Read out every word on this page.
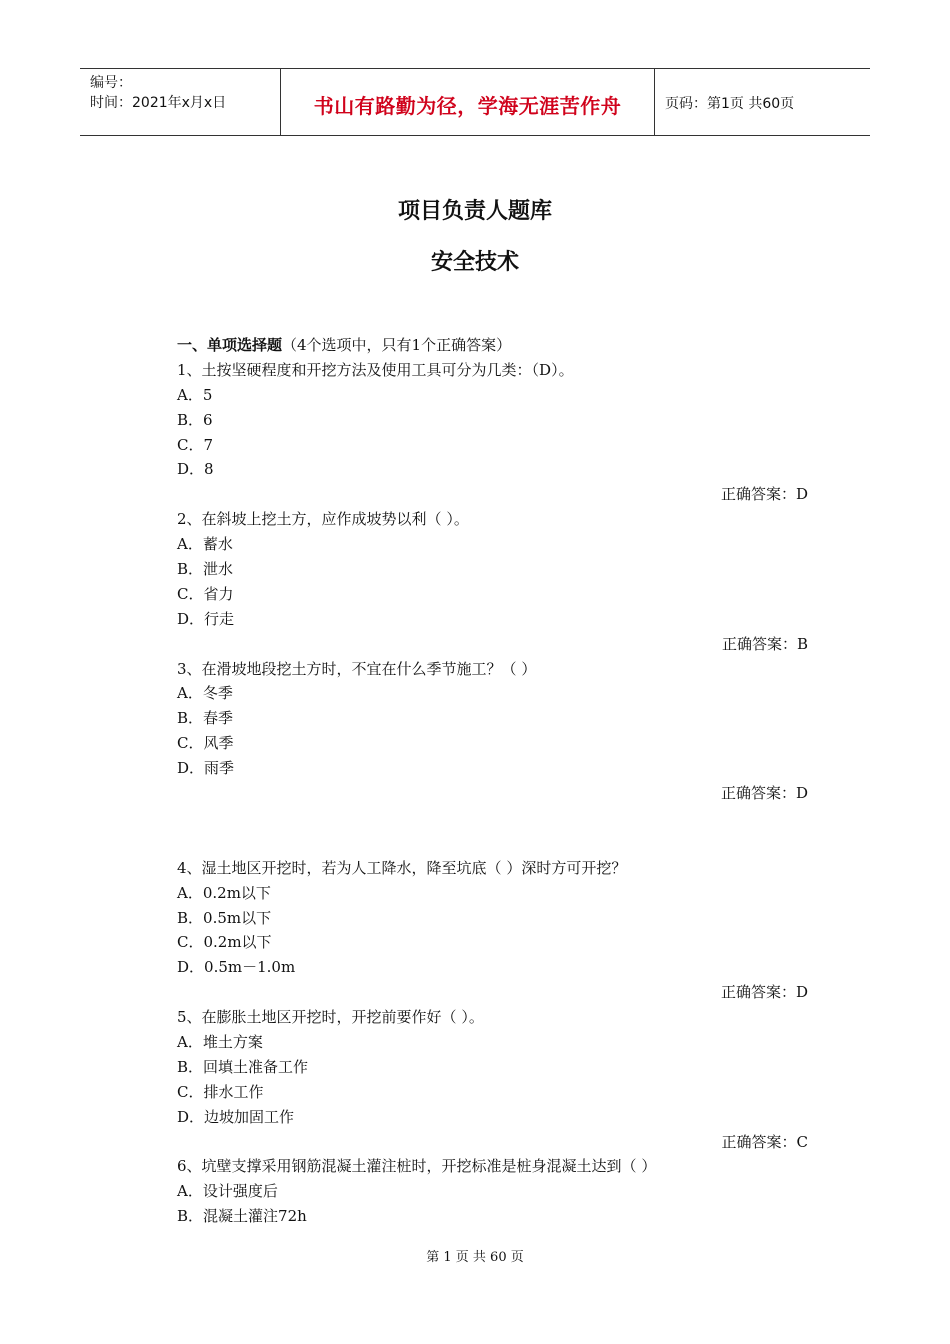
编号：
时间：2021年x月x日	书山有路勤为径，学海无涯苦作舟	页码：第1页 共60页
项目负责人题库
安全技术
一、单项选择题（4个选项中，只有1个正确答案）
1、土按坚硬程度和开挖方法及使用工具可分为几类：（D）。
A．5
B．6
C．7
D．8
正确答案：D
2、在斜坡上挖土方，应作成坡势以利（ ）。
A．蓄水
B．泄水
C．省力
D．行走
正确答案：B
3、在滑坡地段挖土方时，不宜在什么季节施工？（ ）
A．冬季
B．春季
C．风季
D．雨季
正确答案：D
4、湿土地区开挖时，若为人工降水，降至坑底（ ）深时方可开挖？
A．0.2m以下
B．0.5m以下
C．0.2m以下
D．0.5m－1.0m
正确答案：D
5、在膨胀土地区开挖时，开挖前要作好（ ）。
A．堆土方案
B．回填土准备工作
C．排水工作
D．边坡加固工作
正确答案：C
6、坑壁支撑采用钢筋混凝土灌注桩时，开挖标准是桩身混凝土达到（ ）
A．设计强度后
B．混凝土灌注72h
第 1 页 共 60 页
